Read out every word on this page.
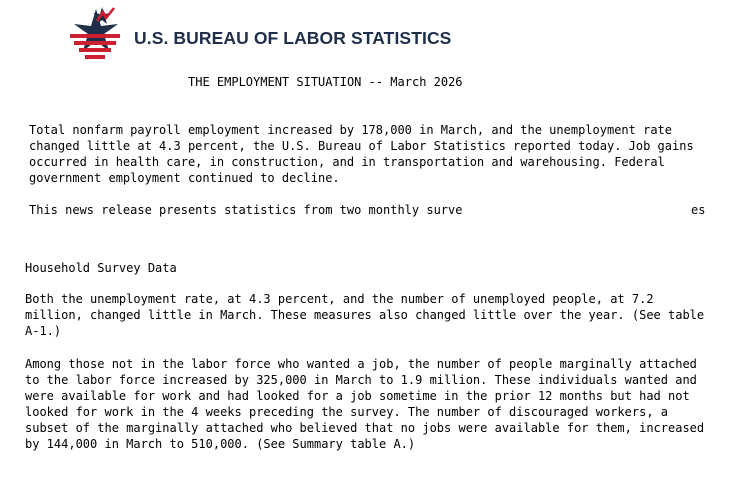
U.S. BUREAU OF LABOR STATISTICS
THE EMPLOYMENT SITUATION -- March 2026
Total nonfarm payroll employment increased by 178,000 in March, and the unemployment rate
changed little at 4.3 percent, the U.S. Bureau of Labor Statistics reported today. Job gains
occurred in health care, in construction, and in transportation and warehousing. Federal
government employment continued to decline.
This news release presents statistics from two monthly surve	es
Household Survey Data
Both the unemployment rate, at 4.3 percent, and the number of unemployed people, at 7.2
million, changed little in March. These measures also changed little over the year. (See table
A-1.)
Among those not in the labor force who wanted a job, the number of people marginally attached
to the labor force increased by 325,000 in March to 1.9 million. These individuals wanted and
were available for work and had looked for a job sometime in the prior 12 months but had not
looked for work in the 4 weeks preceding the survey. The number of discouraged workers, a
subset of the marginally attached who believed that no jobs were available for them, increased
by 144,000 in March to 510,000. (See Summary table A.)
